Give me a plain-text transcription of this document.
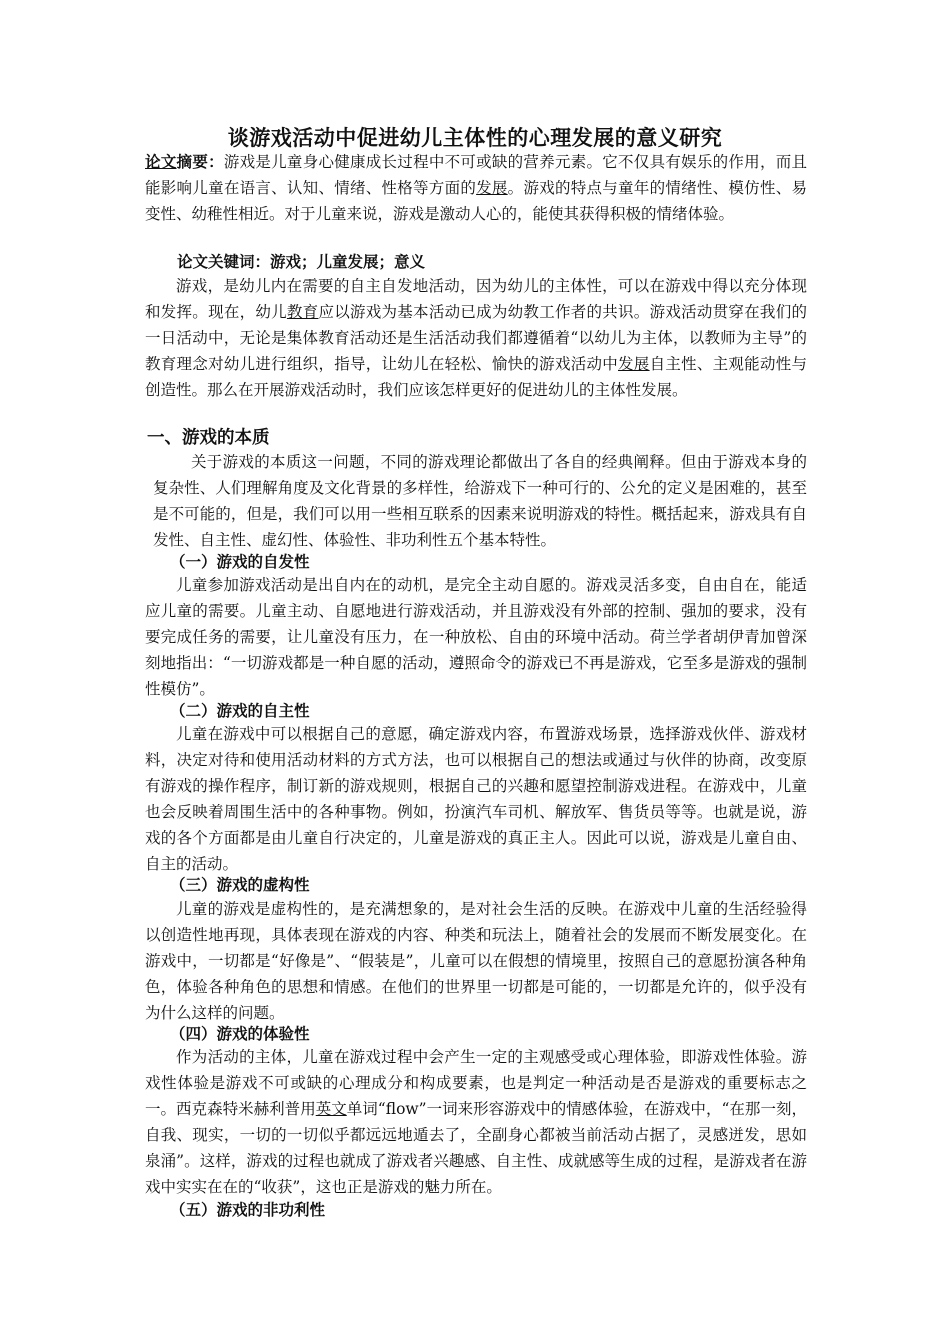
谈游戏活动中促进幼儿主体性的心理发展的意义研究
论文摘要：游戏是儿童身心健康成长过程中不可或缺的营养元素。它不仅具有娱乐的作用，而且能影响儿童在语言、认知、情绪、性格等方面的发展。游戏的特点与童年的情绪性、模仿性、易变性、幼稚性相近。对于儿童来说，游戏是激动人心的，能使其获得积极的情绪体验。
论文关键词：游戏；儿童发展；意义
游戏，是幼儿内在需要的自主自发地活动，因为幼儿的主体性，可以在游戏中得以充分体现和发挥。现在，幼儿教育应以游戏为基本活动已成为幼教工作者的共识。游戏活动贯穿在我们的一日活动中，无论是集体教育活动还是生活活动我们都遵循着“以幼儿为主体，以教师为主导”的教育理念对幼儿进行组织，指导，让幼儿在轻松、愉快的游戏活动中发展自主性、主观能动性与创造性。那么在开展游戏活动时，我们应该怎样更好的促进幼儿的主体性发展。
一、游戏的本质
关于游戏的本质这一问题，不同的游戏理论都做出了各自的经典阐释。但由于游戏本身的复杂性、人们理解角度及文化背景的多样性，给游戏下一种可行的、公允的定义是困难的，甚至是不可能的，但是，我们可以用一些相互联系的因素来说明游戏的特性。概括起来，游戏具有自发性、自主性、虚幻性、体验性、非功利性五个基本特性。
（一）游戏的自发性
儿童参加游戏活动是出自内在的动机，是完全主动自愿的。游戏灵活多变，自由自在，能适应儿童的需要。儿童主动、自愿地进行游戏活动，并且游戏没有外部的控制、强加的要求，没有要完成任务的需要，让儿童没有压力，在一种放松、自由的环境中活动。荷兰学者胡伊青加曾深刻地指出：“一切游戏都是一种自愿的活动，遵照命令的游戏已不再是游戏，它至多是游戏的强制性模仿”。
（二）游戏的自主性
儿童在游戏中可以根据自己的意愿，确定游戏内容，布置游戏场景，选择游戏伙伴、游戏材料，决定对待和使用活动材料的方式方法，也可以根据自己的想法或通过与伙伴的协商，改变原有游戏的操作程序，制订新的游戏规则，根据自己的兴趣和愿望控制游戏进程。在游戏中，儿童也会反映着周围生活中的各种事物。例如，扮演汽车司机、解放军、售货员等等。也就是说，游戏的各个方面都是由儿童自行决定的，儿童是游戏的真正主人。因此可以说，游戏是儿童自由、自主的活动。
（三）游戏的虚构性
儿童的游戏是虚构性的，是充满想象的，是对社会生活的反映。在游戏中儿童的生活经验得以创造性地再现，具体表现在游戏的内容、种类和玩法上，随着社会的发展而不断发展变化。在游戏中，一切都是“好像是”、“假装是”，儿童可以在假想的情境里，按照自己的意愿扮演各种角色，体验各种角色的思想和情感。在他们的世界里一切都是可能的，一切都是允许的，似乎没有为什么这样的问题。
（四）游戏的体验性
作为活动的主体，儿童在游戏过程中会产生一定的主观感受或心理体验，即游戏性体验。游戏性体验是游戏不可或缺的心理成分和构成要素，也是判定一种活动是否是游戏的重要标志之一。西克森特米赫利普用英文单词“flow”一词来形容游戏中的情感体验，在游戏中，“在那一刻，自我、现实，一切的一切似乎都远远地遁去了，全副身心都被当前活动占据了，灵感迸发，思如泉涌”。这样，游戏的过程也就成了游戏者兴趣感、自主性、成就感等生成的过程，是游戏者在游戏中实实在在的“收获”，这也正是游戏的魅力所在。
（五）游戏的非功利性
